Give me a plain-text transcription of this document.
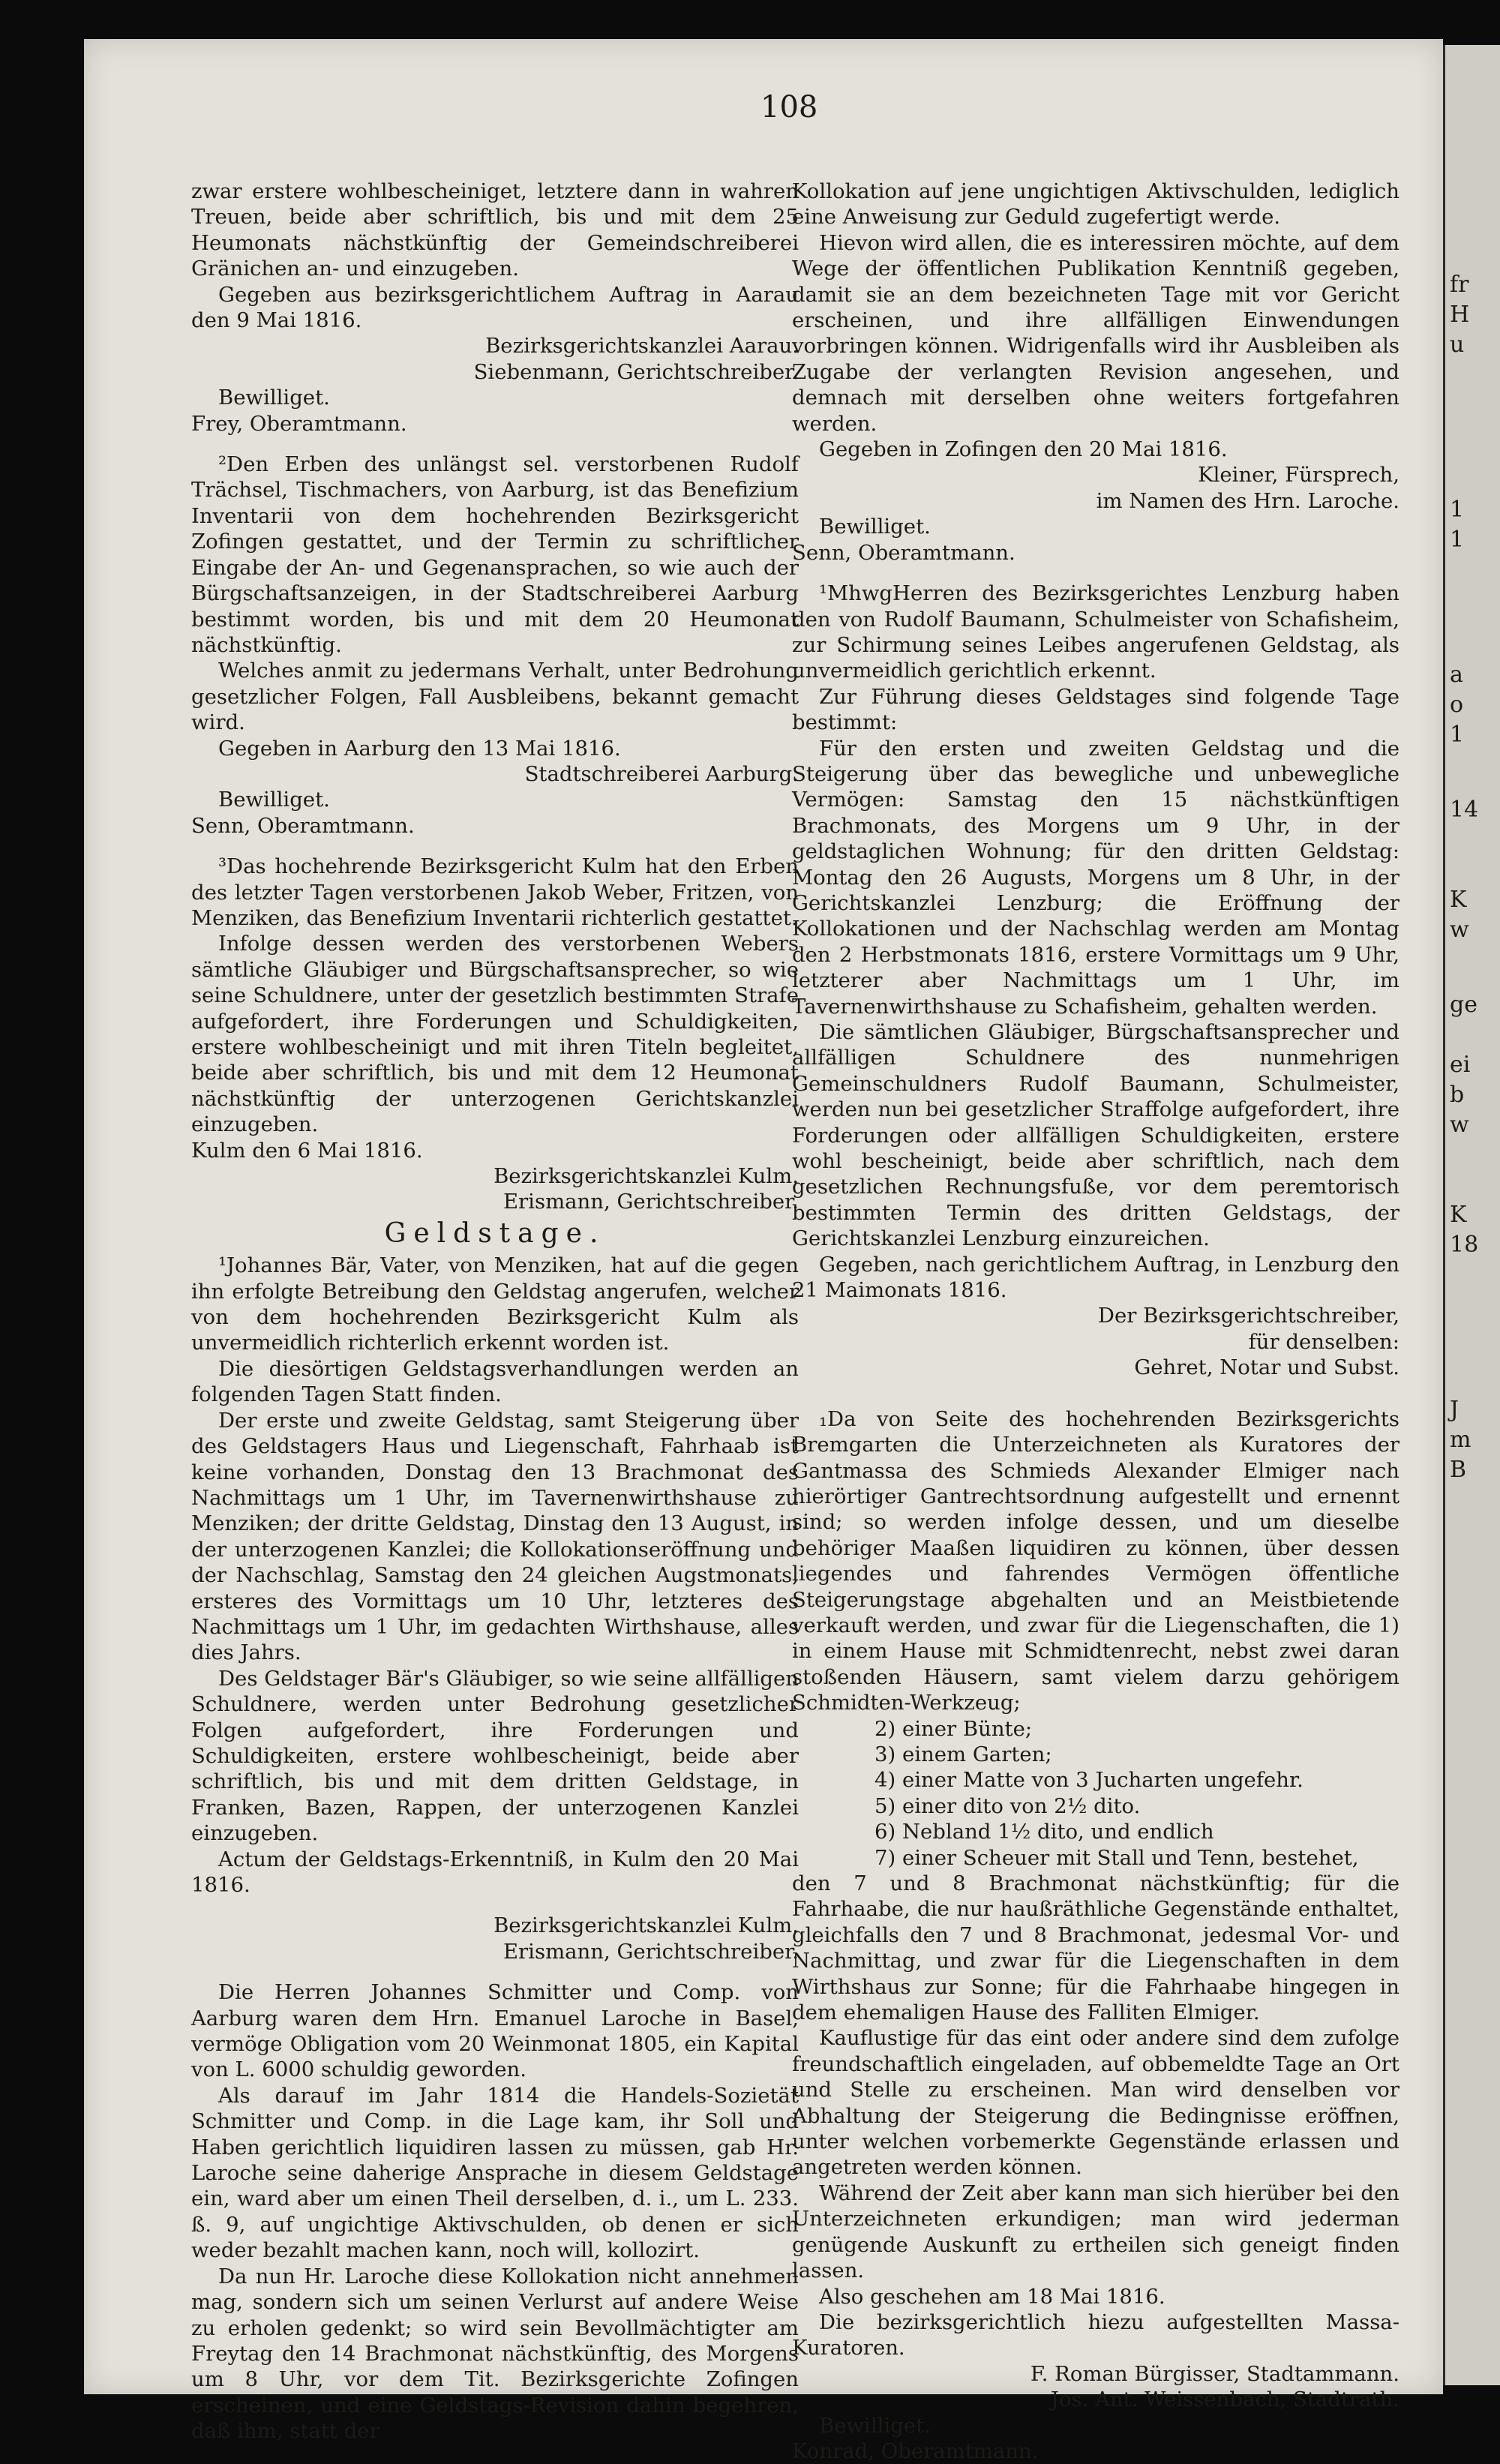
fr
H
u
1
1
a
o
1
14
K
w
ge
ei
b
w
K
18
J
m
B
108

zwar erstere wohlbescheiniget, letztere dann in wahren Treuen, beide aber schriftlich, bis und mit dem 25 Heumonats nächstkünftig der Gemeindschreiberei Gränichen an- und einzugeben.

Gegeben aus bezirksgerichtlichem Auftrag in Aarau den 9 Mai 1816.

Bezirksgerichtskanzlei Aarau.

Siebenmann, Gerichtschreiber.

Bewilliget.

Frey, Oberamtmann.

²Den Erben des unlängst sel. verstorbenen Rudolf Trächsel, Tischmachers, von Aarburg, ist das Benefizium Inventarii von dem hochehrenden Bezirksgericht Zofingen gestattet, und der Termin zu schriftlicher Eingabe der An- und Gegenansprachen, so wie auch der Bürgschaftsanzeigen, in der Stadtschreiberei Aarburg bestimmt worden, bis und mit dem 20 Heumonat nächstkünftig.

Welches anmit zu jedermans Verhalt, unter Bedrohung gesetzlicher Folgen, Fall Ausbleibens, bekannt gemacht wird.

Gegeben in Aarburg den 13 Mai 1816.

Stadtschreiberei Aarburg.

Bewilliget.

Senn, Oberamtmann.

³Das hochehrende Bezirksgericht Kulm hat den Erben des letzter Tagen verstorbenen Jakob Weber, Fritzen, von Menziken, das Benefizium Inventarii richterlich gestattet.

Infolge dessen werden des verstorbenen Webers sämtliche Gläubiger und Bürgschaftsansprecher, so wie seine Schuldnere, unter der gesetzlich bestimmten Strafe aufgefordert, ihre Forderungen und Schuldigkeiten, erstere wohlbescheinigt und mit ihren Titeln begleitet, beide aber schriftlich, bis und mit dem 12 Heumonat nächstkünftig der unterzogenen Gerichtskanzlei einzugeben.

Kulm den 6 Mai 1816.

Bezirksgerichtskanzlei Kulm.

Erismann, Gerichtschreiber.

Geldstage.

¹Johannes Bär, Vater, von Menziken, hat auf die gegen ihn erfolgte Betreibung den Geldstag angerufen, welcher von dem hochehrenden Bezirksgericht Kulm als unvermeidlich richterlich erkennt worden ist.

Die diesörtigen Geldstagsverhandlungen werden an folgenden Tagen Statt finden.

Der erste und zweite Geldstag, samt Steigerung über des Geldstagers Haus und Liegenschaft, Fahrhaab ist keine vorhanden, Donstag den 13 Brachmonat des Nachmittags um 1 Uhr, im Tavernenwirthshause zu Menziken; der dritte Geldstag, Dinstag den 13 August, in der unterzogenen Kanzlei; die Kollokationseröffnung und der Nachschlag, Samstag den 24 gleichen Augstmonats, ersteres des Vormittags um 10 Uhr, letzteres des Nachmittags um 1 Uhr, im gedachten Wirthshause, alles dies Jahrs.

Des Geldstager Bär's Gläubiger, so wie seine allfälligen Schuldnere, werden unter Bedrohung gesetzlicher Folgen aufgefordert, ihre Forderungen und Schuldigkeiten, erstere wohlbescheinigt, beide aber schriftlich, bis und mit dem dritten Geldstage, in Franken, Bazen, Rappen, der unterzogenen Kanzlei einzugeben.

Actum der Geldstags-Erkenntniß, in Kulm den 20 Mai 1816.

Bezirksgerichtskanzlei Kulm.

Erismann, Gerichtschreiber.

Die Herren Johannes Schmitter und Comp. von Aarburg waren dem Hrn. Emanuel Laroche in Basel, vermöge Obligation vom 20 Weinmonat 1805, ein Kapital von L. 6000 schuldig geworden.

Als darauf im Jahr 1814 die Handels-Sozietät Schmitter und Comp. in die Lage kam, ihr Soll und Haben gerichtlich liquidiren lassen zu müssen, gab Hr. Laroche seine daherige Ansprache in diesem Geldstage ein, ward aber um einen Theil derselben, d. i., um L. 233. ß. 9, auf ungichtige Aktivschulden, ob denen er sich weder bezahlt machen kann, noch will, kollozirt.

Da nun Hr. Laroche diese Kollokation nicht annehmen mag, sondern sich um seinen Verlurst auf andere Weise zu erholen gedenkt; so wird sein Bevollmächtigter am Freytag den 14 Brachmonat nächstkünftig, des Morgens um 8 Uhr, vor dem Tit. Bezirksgerichte Zofingen erscheinen, und eine Geldstags-Revision dahin begehren, daß ihm, statt der

Kollokation auf jene ungichtigen Aktivschulden, lediglich eine Anweisung zur Geduld zugefertigt werde.

Hievon wird allen, die es interessiren möchte, auf dem Wege der öffentlichen Publikation Kenntniß gegeben, damit sie an dem bezeichneten Tage mit vor Gericht erscheinen, und ihre allfälligen Einwendungen vorbringen können. Widrigenfalls wird ihr Ausbleiben als Zugabe der verlangten Revision angesehen, und demnach mit derselben ohne weiters fortgefahren werden.

Gegeben in Zofingen den 20 Mai 1816.

Kleiner, Fürsprech,

im Namen des Hrn. Laroche.

Bewilliget.

Senn, Oberamtmann.

¹MhwgHerren des Bezirksgerichtes Lenzburg haben den von Rudolf Baumann, Schulmeister von Schafisheim, zur Schirmung seines Leibes angerufenen Geldstag, als unvermeidlich gerichtlich erkennt.

Zur Führung dieses Geldstages sind folgende Tage bestimmt:

Für den ersten und zweiten Geldstag und die Steigerung über das bewegliche und unbewegliche Vermögen: Samstag den 15 nächstkünftigen Brachmonats, des Morgens um 9 Uhr, in der geldstaglichen Wohnung; für den dritten Geldstag: Montag den 26 Augusts, Morgens um 8 Uhr, in der Gerichtskanzlei Lenzburg; die Eröffnung der Kollokationen und der Nachschlag werden am Montag den 2 Herbstmonats 1816, erstere Vormittags um 9 Uhr, letzterer aber Nachmittags um 1 Uhr, im Tavernenwirthshause zu Schafisheim, gehalten werden.

Die sämtlichen Gläubiger, Bürgschaftsansprecher und allfälligen Schuldnere des nunmehrigen Gemeinschuldners Rudolf Baumann, Schulmeister, werden nun bei gesetzlicher Straffolge aufgefordert, ihre Forderungen oder allfälligen Schuldigkeiten, erstere wohl bescheinigt, beide aber schriftlich, nach dem gesetzlichen Rechnungsfuße, vor dem peremtorisch bestimmten Termin des dritten Geldstags, der Gerichtskanzlei Lenzburg einzureichen.

Gegeben, nach gerichtlichem Auftrag, in Lenzburg den 21 Maimonats 1816.

Der Bezirksgerichtschreiber,

für denselben:

Gehret, Notar und Subst.

₁Da von Seite des hochehrenden Bezirksgerichts Bremgarten die Unterzeichneten als Kuratores der Gantmassa des Schmieds Alexander Elmiger nach hierörtiger Gantrechtsordnung aufgestellt und ernennt sind; so werden infolge dessen, und um dieselbe behöriger Maaßen liquidiren zu können, über dessen liegendes und fahrendes Vermögen öffentliche Steigerungstage abgehalten und an Meistbietende verkauft werden, und zwar für die Liegenschaften, die 1) in einem Hause mit Schmidtenrecht, nebst zwei daran stoßenden Häusern, samt vielem darzu gehörigem Schmidten-Werkzeug;

2) einer Bünte;

3) einem Garten;

4) einer Matte von 3 Jucharten ungefehr.

5) einer dito von 2½ dito.

6) Nebland 1½ dito, und endlich

7) einer Scheuer mit Stall und Tenn, bestehet,

den 7 und 8 Brachmonat nächstkünftig; für die Fahrhaabe, die nur haußräthliche Gegenstände enthaltet, gleichfalls den 7 und 8 Brachmonat, jedesmal Vor- und Nachmittag, und zwar für die Liegenschaften in dem Wirthshaus zur Sonne; für die Fahrhaabe hingegen in dem ehemaligen Hause des Falliten Elmiger.

Kauflustige für das eint oder andere sind dem zufolge freundschaftlich eingeladen, auf obbemeldte Tage an Ort und Stelle zu erscheinen. Man wird denselben vor Abhaltung der Steigerung die Bedingnisse eröffnen, unter welchen vorbemerkte Gegenstände erlassen und angetreten werden können.

Während der Zeit aber kann man sich hierüber bei den Unterzeichneten erkundigen; man wird jederman genügende Auskunft zu ertheilen sich geneigt finden lassen.

Also geschehen am 18 Mai 1816.

Die bezirksgerichtlich hiezu aufgestellten Massa-Kuratoren.

F. Roman Bürgisser, Stadtammann.

Jos. Ant. Weissenbach, Stadtrath.

Bewilliget.

Konrad, Oberamtmann.
